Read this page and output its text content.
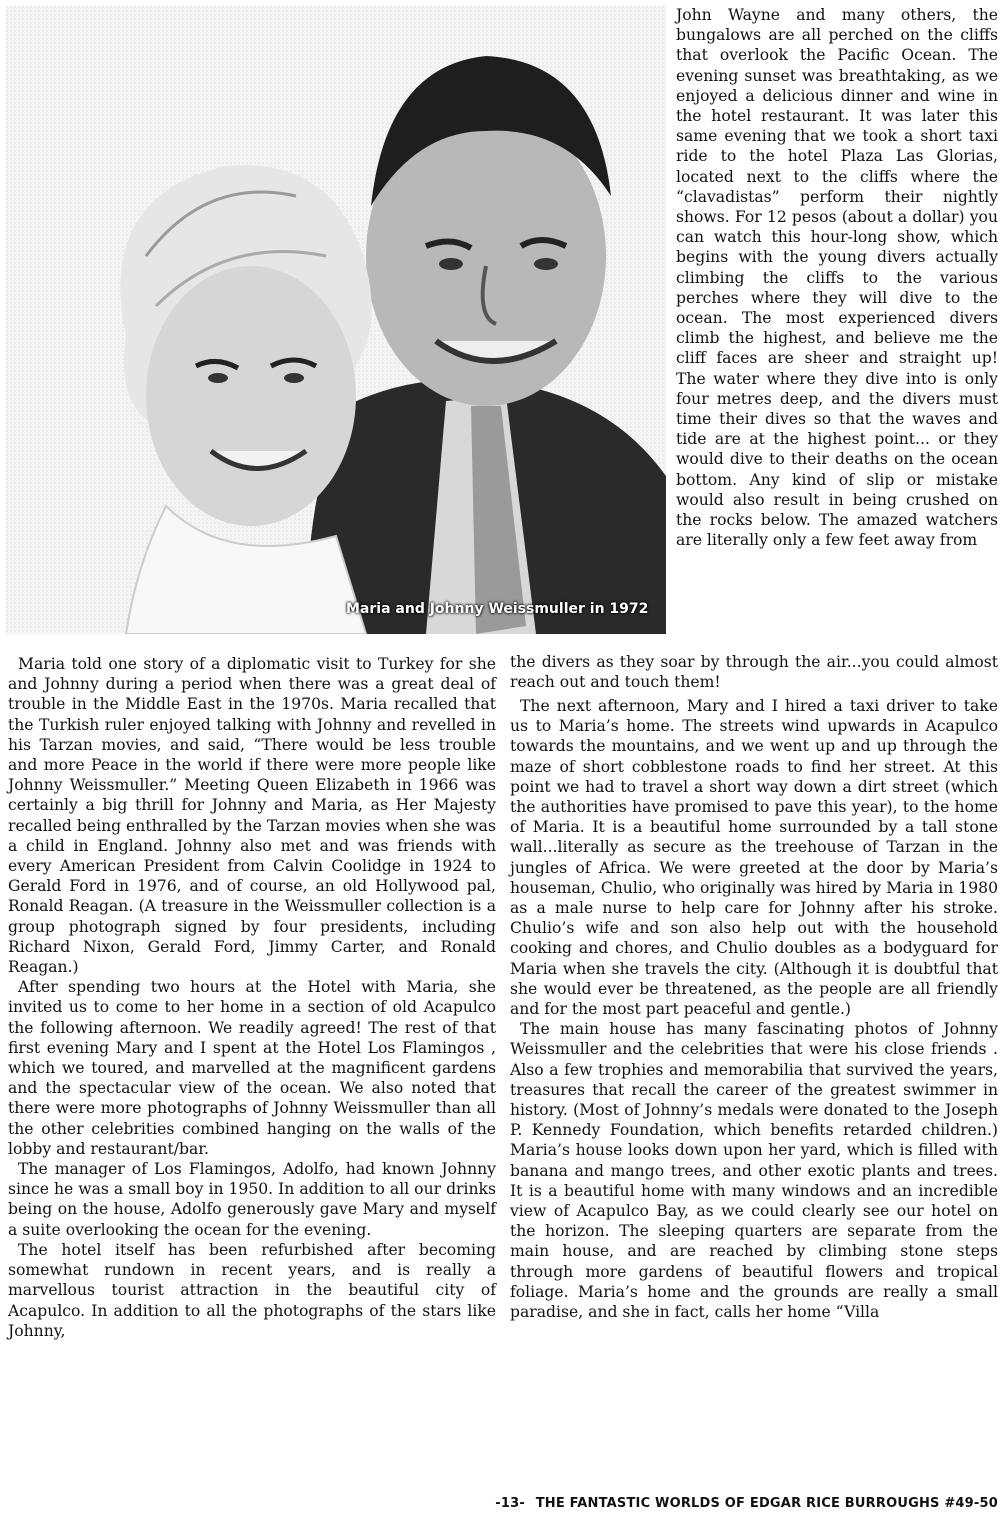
Maria and Johnny Weissmuller in 1972

John Wayne and many others, the bungalows are all perched on the cliffs that overlook the Pacific Ocean. The evening sunset was breathtaking, as we enjoyed a delicious dinner and wine in the hotel restaurant. It was later this same evening that we took a short taxi ride to the hotel Plaza Las Glorias, located next to the cliffs where the “clavadistas” perform their nightly shows. For 12 pesos (about a dollar) you can watch this hour-long show, which begins with the young divers actually climbing the cliffs to the various perches where they will dive to the ocean. The most experienced divers climb the highest, and believe me the cliff faces are sheer and straight up! The water where they dive into is only four metres deep, and the divers must time their dives so that the waves and tide are at the highest point... or they would dive to their deaths on the ocean bottom. Any kind of slip or mistake would also result in being crushed on the rocks below. The amazed watchers are literally only a few feet away from

the divers as they soar by through the air...you could almost reach out and touch them!

Maria told one story of a diplomatic visit to Turkey for she and Johnny during a period when there was a great deal of trouble in the Middle East in the 1970s. Maria recalled that the Turkish ruler enjoyed talking with Johnny and revelled in his Tarzan movies, and said, “There would be less trouble and more Peace in the world if there were more people like Johnny Weissmuller.” Meeting Queen Elizabeth in 1966 was certainly a big thrill for Johnny and Maria, as Her Majesty recalled being enthralled by the Tarzan movies when she was a child in England. Johnny also met and was friends with every American President from Calvin Coolidge in 1924 to Gerald Ford in 1976, and of course, an old Hollywood pal, Ronald Reagan. (A treasure in the Weissmuller collection is a group photograph signed by four presidents, including Richard Nixon, Gerald Ford, Jimmy Carter, and Ronald Reagan.)

After spending two hours at the Hotel with Maria, she invited us to come to her home in a section of old Acapulco the following afternoon. We readily agreed! The rest of that first evening Mary and I spent at the Hotel Los Flamingos , which we toured, and marvelled at the magnificent gardens and the spectacular view of the ocean. We also noted that there were more photographs of Johnny Weissmuller than all the other celebrities combined hanging on the walls of the lobby and restaurant/bar.

The manager of Los Flamingos, Adolfo, had known Johnny since he was a small boy in 1950. In addition to all our drinks being on the house, Adolfo generously gave Mary and myself a suite overlooking the ocean for the evening.

The hotel itself has been refurbished after becoming somewhat rundown in recent years, and is really a marvellous tourist attraction in the beautiful city of Acapulco. In addition to all the photographs of the stars like Johnny,

The next afternoon, Mary and I hired a taxi driver to take us to Maria’s home. The streets wind upwards in Acapulco towards the mountains, and we went up and up through the maze of short cobblestone roads to find her street. At this point we had to travel a short way down a dirt street (which the authorities have promised to pave this year), to the home of Maria. It is a beautiful home surrounded by a tall stone wall...literally as secure as the treehouse of Tarzan in the jungles of Africa. We were greeted at the door by Maria’s houseman, Chulio, who originally was hired by Maria in 1980 as a male nurse to help care for Johnny after his stroke. Chulio’s wife and son also help out with the household cooking and chores, and Chulio doubles as a bodyguard for Maria when she travels the city. (Although it is doubtful that she would ever be threatened, as the people are all friendly and for the most part peaceful and gentle.)

The main house has many fascinating photos of Johnny Weissmuller and the celebrities that were his close friends . Also a few trophies and memorabilia that survived the years, treasures that recall the career of the greatest swimmer in history. (Most of Johnny’s medals were donated to the Joseph P. Kennedy Foundation, which benefits retarded children.) Maria’s house looks down upon her yard, which is filled with banana and mango trees, and other exotic plants and trees. It is a beautiful home with many windows and an incredible view of Acapulco Bay, as we could clearly see our hotel on the horizon. The sleeping quarters are separate from the main house, and are reached by climbing stone steps through more gardens of beautiful flowers and tropical foliage. Maria’s home and the grounds are really a small paradise, and she in fact, calls her home “Villa

-13- THE FANTASTIC WORLDS OF EDGAR RICE BURROUGHS #49-50
